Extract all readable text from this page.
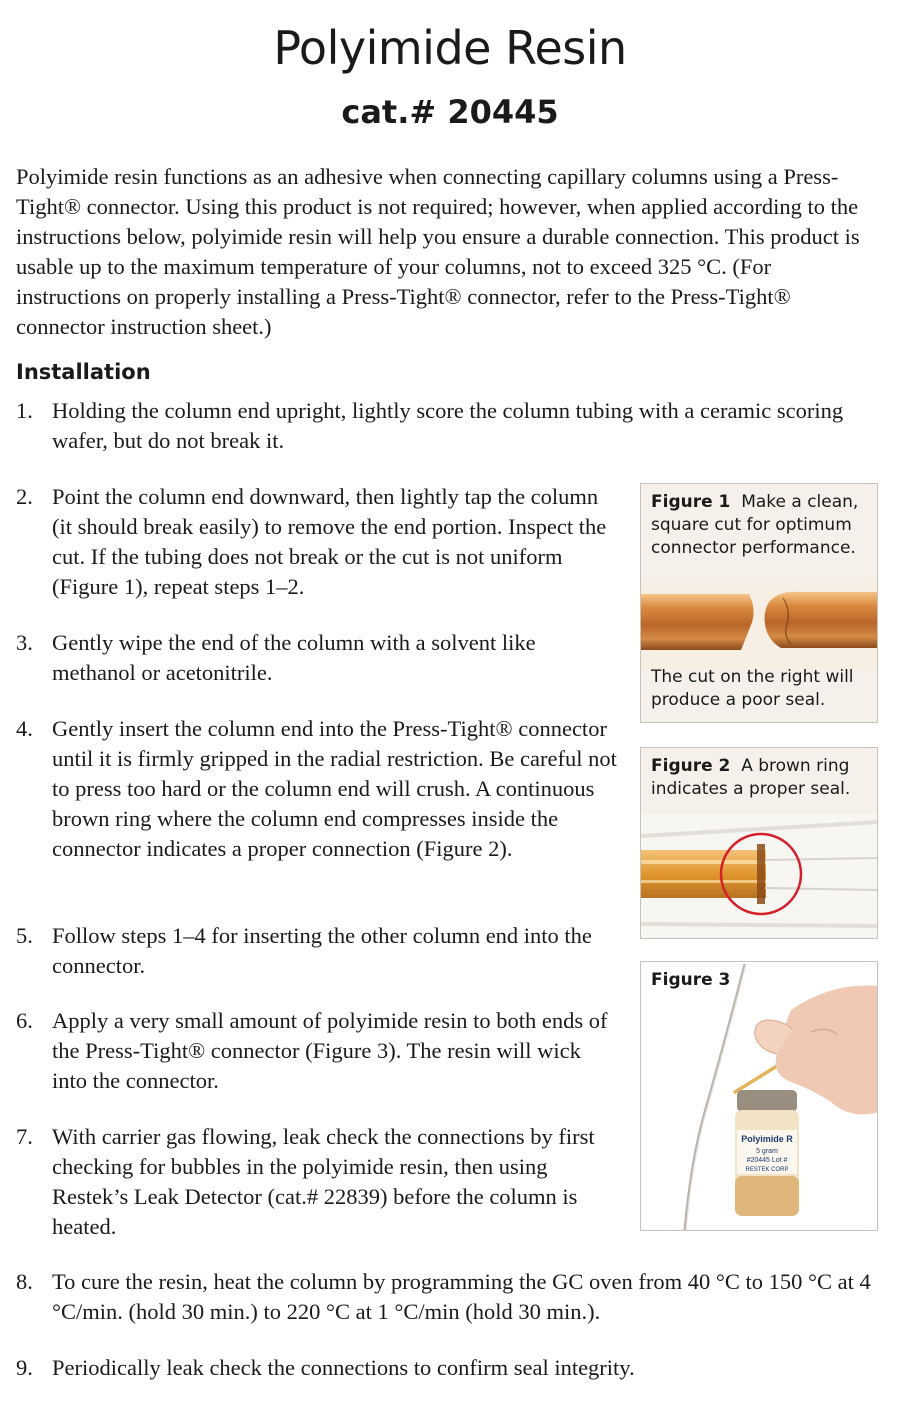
Polyimide Resin
cat.# 20445

Polyimide resin functions as an adhesive when connecting capillary columns using a Press-Tight® connector. Using this product is not required; however, when applied according to the instructions below, polyimide resin will help you ensure a durable connection. This product is usable up to the maximum temperature of your columns, not to exceed 325 °C. (For instructions on properly installing a Press-Tight® connector, refer to the Press-Tight® connector instruction sheet.)

Installation
1. Holding the column end upright, lightly score the column tubing with a ceramic scoring wafer, but do not break it.
2. Point the column end downward, then lightly tap the column (it should break easily) to remove the end portion. Inspect the cut. If the tubing does not break or the cut is not uniform (Figure 1), repeat steps 1–2.
3. Gently wipe the end of the column with a solvent like methanol or acetonitrile.
4. Gently insert the column end into the Press-Tight® connector until it is firmly gripped in the radial restriction. Be careful not to press too hard or the column end will crush. A continuous brown ring where the column end compresses inside the connector indicates a proper connection (Figure 2).
5. Follow steps 1–4 for inserting the other column end into the connector.
6. Apply a very small amount of polyimide resin to both ends of the Press-Tight® connector (Figure 3). The resin will wick into the connector.
7. With carrier gas flowing, leak check the connections by first checking for bubbles in the polyimide resin, then using Restek’s Leak Detector (cat.# 22839) before the column is heated.
8. To cure the resin, heat the column by programming the GC oven from 40 °C to 150 °C at 4 °C/min. (hold 30 min.) to 220 °C at 1 °C/min (hold 30 min.).
9. Periodically leak check the connections to confirm seal integrity.
Figure 1 Make a clean, square cut for optimum connector performance.
The cut on the right will produce a poor seal.
Figure 2 A brown ring indicates a proper seal.
Figure 3
Polyimide R
5 gram
#20445 Lot #
RESTEK CORP
